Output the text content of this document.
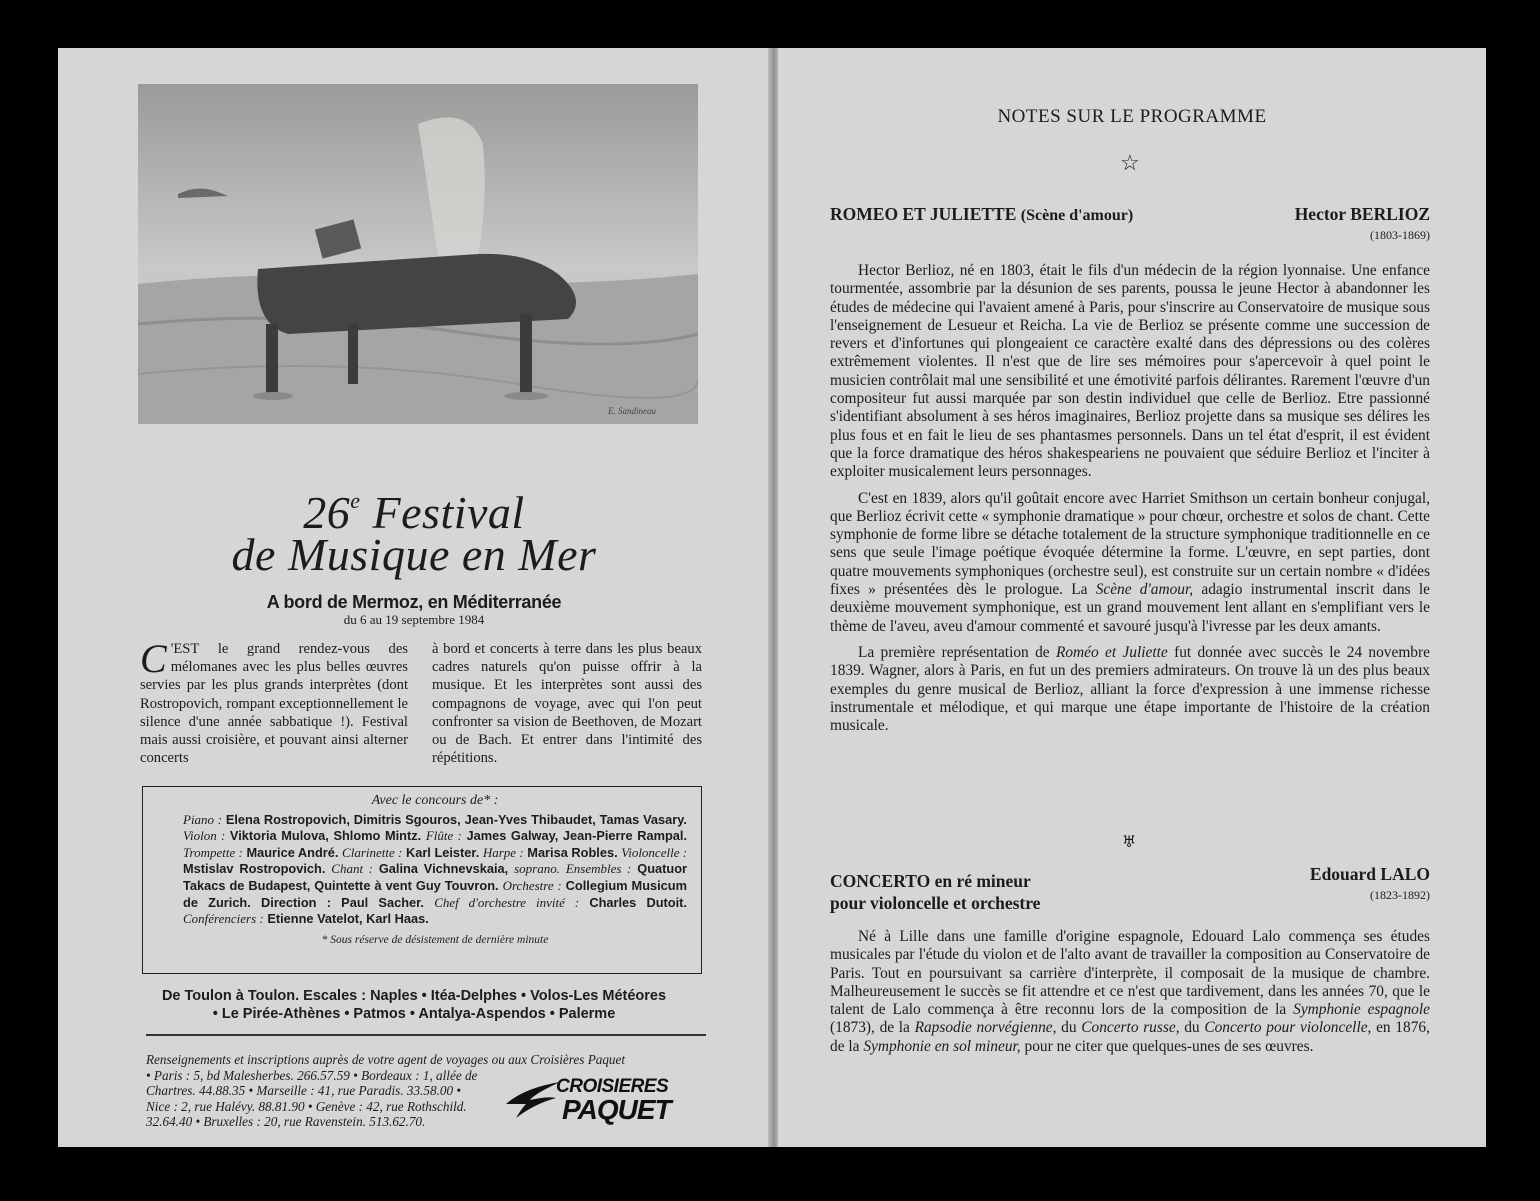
E. Sandineau
26e Festival
de Musique en Mer
A bord de Mermoz, en Méditerranée
du 6 au 19 septembre 1984
C 'EST le grand rendez-vous des mélomanes avec les plus belles œuvres servies par les plus grands interprètes (dont Rostropovich, rompant exceptionnellement le silence d'une année sabbatique !). Festival mais aussi croisière, et pouvant ainsi alterner concerts
à bord et concerts à terre dans les plus beaux cadres naturels qu'on puisse offrir à la musique. Et les interprètes sont aussi des compagnons de voyage, avec qui l'on peut confronter sa vision de Beethoven, de Mozart ou de Bach. Et entrer dans l'intimité des répétitions.
Avec le concours de* :
Piano : Elena Rostropovich, Dimitris Sgouros, Jean-Yves Thibaudet, Tamas Vasary. Violon : Viktoria Mulova, Shlomo Mintz. Flûte : James Galway, Jean-Pierre Rampal. Trompette : Maurice André. Clarinette : Karl Leister. Harpe : Marisa Robles. Violoncelle : Mstislav Rostropovich. Chant : Galina Vichnevskaia, soprano. Ensembles : Quatuor Takacs de Budapest, Quintette à vent Guy Touvron. Orchestre : Collegium Musicum de Zurich. Direction : Paul Sacher. Chef d'orchestre invité : Charles Dutoit. Conférenciers : Etienne Vatelot, Karl Haas.
* Sous réserve de désistement de dernière minute
De Toulon à Toulon. Escales : Naples • Itéa-Delphes • Volos-Les Météores
• Le Pirée-Athènes • Patmos • Antalya-Aspendos • Palerme
Renseignements et inscriptions auprès de votre agent de voyages ou aux Croisières Paquet
• Paris : 5, bd Malesherbes. 266.57.59 • Bordeaux : 1, allée de Chartres. 44.88.35 • Marseille : 41, rue Paradis. 33.58.00 • Nice : 2, rue Halévy. 88.81.90 • Genève : 42, rue Rothschild. 32.64.40 • Bruxelles : 20, rue Ravenstein. 513.62.70.
CROISIERES
PAQUET
NOTES SUR LE PROGRAMME
☆
ROMEO ET JULIETTE (Scène d'amour)	Hector BERLIOZ
(1803-1869)

Hector Berlioz, né en 1803, était le fils d'un médecin de la région lyonnaise. Une enfance tourmentée, assombrie par la désunion de ses parents, poussa le jeune Hector à abandonner les études de médecine qui l'avaient amené à Paris, pour s'inscrire au Conservatoire de musique sous l'enseignement de Lesueur et Reicha. La vie de Berlioz se présente comme une succession de revers et d'infortunes qui plongeaient ce caractère exalté dans des dépressions ou des colères extrêmement violentes. Il n'est que de lire ses mémoires pour s'apercevoir à quel point le musicien contrôlait mal une sensibilité et une émotivité parfois délirantes. Rarement l'œuvre d'un compositeur fut aussi marquée par son destin individuel que celle de Berlioz. Etre passionné s'identifiant absolument à ses héros imaginaires, Berlioz projette dans sa musique ses délires les plus fous et en fait le lieu de ses phantasmes personnels. Dans un tel état d'esprit, il est évident que la force dramatique des héros shakespeariens ne pouvaient que séduire Berlioz et l'inciter à exploiter musicalement leurs personnages.

C'est en 1839, alors qu'il goûtait encore avec Harriet Smithson un certain bonheur conjugal, que Berlioz écrivit cette « symphonie dramatique » pour chœur, orchestre et solos de chant. Cette symphonie de forme libre se détache totalement de la structure symphonique traditionnelle en ce sens que seule l'image poétique évoquée détermine la forme. L'œuvre, en sept parties, dont quatre mouvements symphoniques (orchestre seul), est construite sur un certain nombre « d'idées fixes » présentées dès le prologue. La Scène d'amour, adagio instrumental inscrit dans le deuxième mouvement symphonique, est un grand mouvement lent allant en s'emplifiant vers le thème de l'aveu, aveu d'amour commenté et savouré jusqu'à l'ivresse par les deux amants.

La première représentation de Roméo et Juliette fut donnée avec succès le 24 novembre 1839. Wagner, alors à Paris, en fut un des premiers admirateurs. On trouve là un des plus beaux exemples du genre musical de Berlioz, alliant la force d'expression à une immense richesse instrumentale et mélodique, et qui marque une étape importante de l'histoire de la création musicale.

♅
CONCERTO en ré mineur
pour violoncelle et orchestre
Edouard LALO
(1823-1892)

Né à Lille dans une famille d'origine espagnole, Edouard Lalo commença ses études musicales par l'étude du violon et de l'alto avant de travailler la composition au Conservatoire de Paris. Tout en poursuivant sa carrière d'interprète, il composait de la musique de chambre. Malheureusement le succès se fit attendre et ce n'est que tardivement, dans les années 70, que le talent de Lalo commença à être reconnu lors de la composition de la Symphonie espagnole (1873), de la Rapsodie norvégienne, du Concerto russe, du Concerto pour violoncelle, en 1876, de la Symphonie en sol mineur, pour ne citer que quelques-unes de ses œuvres.
